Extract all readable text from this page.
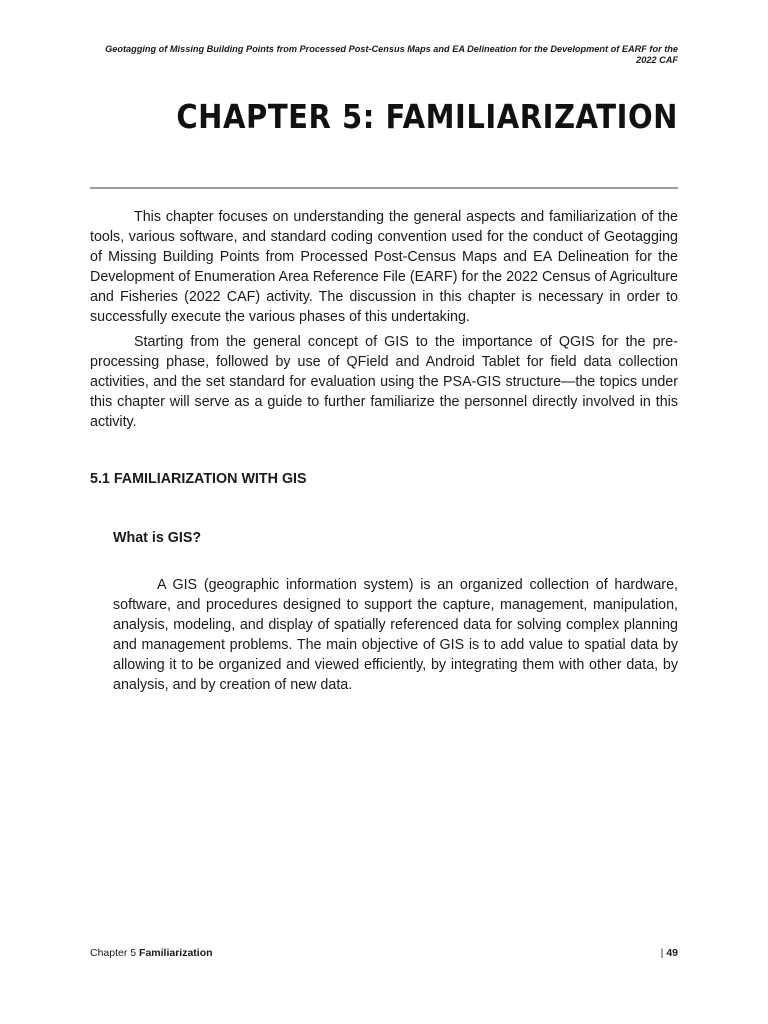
Geotagging of Missing Building Points from Processed Post-Census Maps and EA Delineation for the Development of EARF for the 2022 CAF
CHAPTER 5: FAMILIARIZATION

This chapter focuses on understanding the general aspects and familiarization of the tools, various software, and standard coding convention used for the conduct of Geotagging of Missing Building Points from Processed Post-Census Maps and EA Delineation for the Development of Enumeration Area Reference File (EARF) for the 2022 Census of Agriculture and Fisheries (2022 CAF) activity. The discussion in this chapter is necessary in order to successfully execute the various phases of this undertaking.

Starting from the general concept of GIS to the importance of QGIS for the pre-processing phase, followed by use of QField and Android Tablet for field data collection activities, and the set standard for evaluation using the PSA-GIS structure—the topics under this chapter will serve as a guide to further familiarize the personnel directly involved in this activity.

5.1 FAMILIARIZATION WITH GIS
What is GIS?

A GIS (geographic information system) is an organized collection of hardware, software, and procedures designed to support the capture, management, manipulation, analysis, modeling, and display of spatially referenced data for solving complex planning and management problems. The main objective of GIS is to add value to spatial data by allowing it to be organized and viewed efficiently, by integrating them with other data, by analysis, and by creation of new data.

Chapter 5 Familiarization	| 49
